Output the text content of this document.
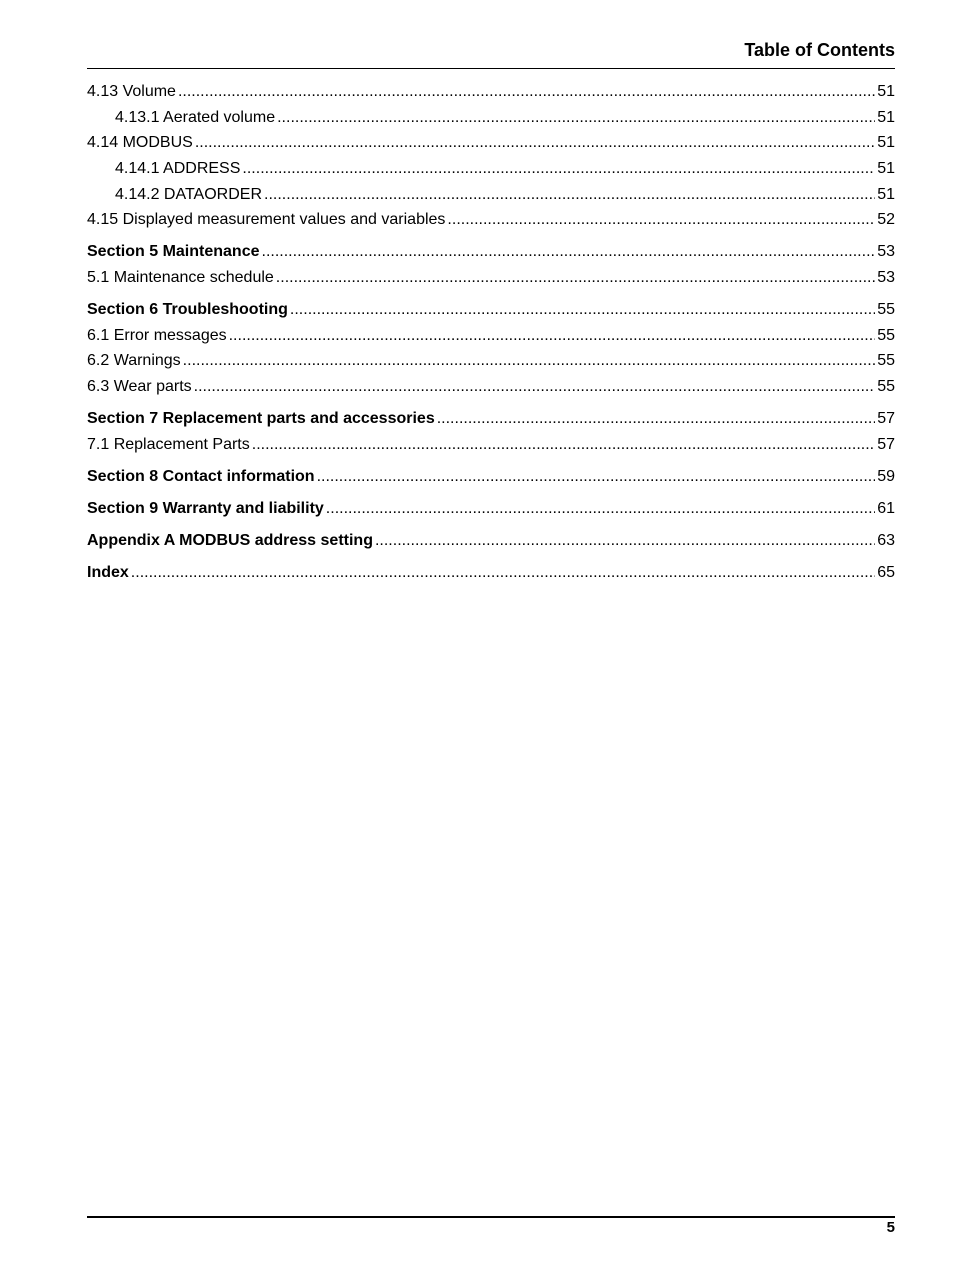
Table of Contents
4.13 Volume .....	51
4.13.1 Aerated volume .....	51
4.14 MODBUS .....	51
4.14.1 ADDRESS .....	51
4.14.2 DATAORDER .....	51
4.15 Displayed measurement values and variables .....	52
Section 5 Maintenance .....	53
5.1 Maintenance schedule .....	53
Section 6 Troubleshooting .....	55
6.1 Error messages .....	55
6.2 Warnings .....	55
6.3 Wear parts .....	55
Section 7 Replacement parts and accessories .....	57
7.1 Replacement Parts .....	57
Section 8 Contact information .....	59
Section 9 Warranty and liability .....	61
Appendix A MODBUS address setting .....	63
Index .....	65
5
